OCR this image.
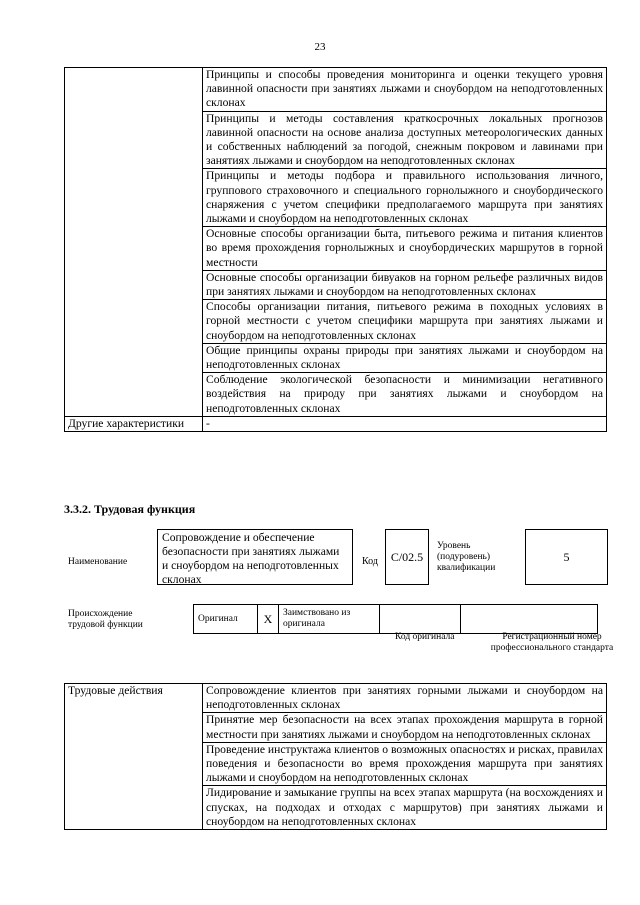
23
	Принципы и способы проведения мониторинга и оценки текущего уровня лавинной опасности при занятиях лыжами и сноубордом на неподготовленных склонах
	Принципы и методы составления краткосрочных локальных прогнозов лавинной опасности на основе анализа доступных метеорологических данных и собственных наблюдений за погодой, снежным покровом и лавинами при занятиях лыжами и сноубордом на неподготовленных склонах
	Принципы и методы подбора и правильного использования личного, группового страховочного и специального горнолыжного и сноубордического снаряжения с учетом специфики предполагаемого маршрута при занятиях лыжами и сноубордом на неподготовленных склонах
	Основные способы организации быта, питьевого режима и питания клиентов во время прохождения горнолыжных и сноубордических маршрутов в горной местности
	Основные способы организации бивуаков на горном рельефе различных видов при занятиях лыжами и сноубордом на неподготовленных склонах
	Способы организации питания, питьевого режима в походных условиях в горной местности с учетом специфики маршрута при занятиях лыжами и сноубордом на неподготовленных склонах
	Общие принципы охраны природы при занятиях лыжами и сноубордом на неподготовленных склонах
	Соблюдение экологической безопасности и минимизации негативного воздействия на природу при занятиях лыжами и сноубордом на неподготовленных склонах
Другие характеристики	-
3.3.2. Трудовая функция
Наименование
Сопровождение и обеспечение безопасности при занятиях лыжами и сноубордом на неподготовленных склонах
Код C/02.5
Уровень (подуровень) квалификации
5
Происхождение трудовой функции
Оригинал	X	Заимствовано из оригинала		
Код оригинала	Регистрационный номер профессионального стандарта
Трудовые действия	Сопровождение клиентов при занятиях горными лыжами и сноубордом на неподготовленных склонах
Принятие мер безопасности на всех этапах прохождения маршрута в горной местности при занятиях лыжами и сноубордом на неподготовленных склонах
Проведение инструктажа клиентов о возможных опасностях и рисках, правилах поведения и безопасности во время прохождения маршрута при занятиях лыжами и сноубордом на неподготовленных склонах
Лидирование и замыкание группы на всех этапах маршрута (на восхождениях и спусках, на подходах и отходах с маршрутов) при занятиях лыжами и сноубордом на неподготовленных склонах
